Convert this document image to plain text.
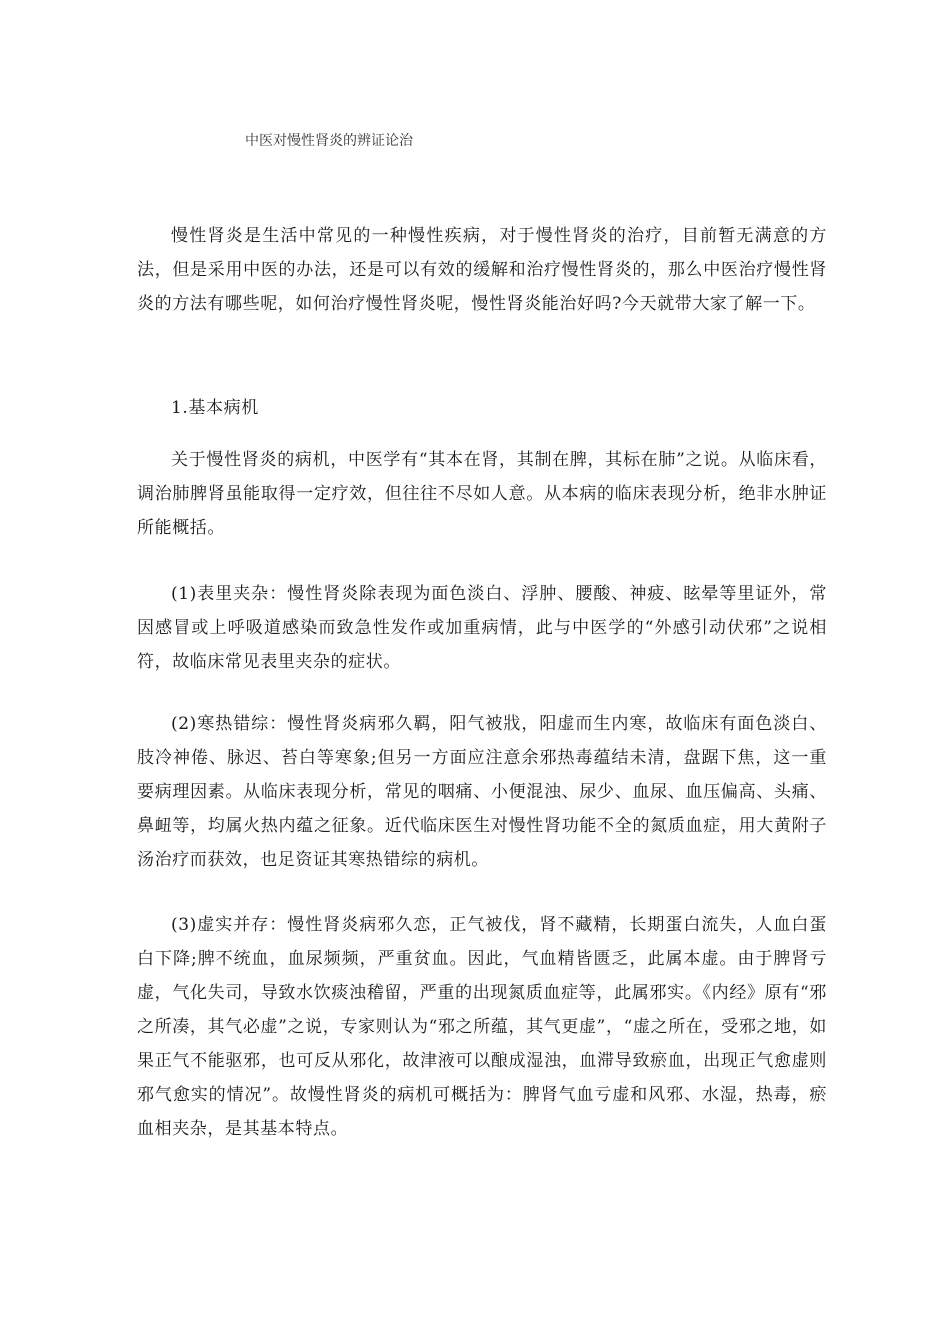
中医对慢性肾炎的辨证论治

慢性肾炎是生活中常见的一种慢性疾病，对于慢性肾炎的治疗，目前暂无满意的方法，但是采用中医的办法，还是可以有效的缓解和治疗慢性肾炎的，那么中医治疗慢性肾炎的方法有哪些呢，如何治疗慢性肾炎呢，慢性肾炎能治好吗?今天就带大家了解一下。

1.基本病机

关于慢性肾炎的病机，中医学有“其本在肾，其制在脾，其标在肺”之说。从临床看，调治肺脾肾虽能取得一定疗效，但往往不尽如人意。从本病的临床表现分析，绝非水肿证所能概括。

(1)表里夹杂：慢性肾炎除表现为面色淡白、浮肿、腰酸、神疲、眩晕等里证外，常因感冒或上呼吸道感染而致急性发作或加重病情，此与中医学的“外感引动伏邪”之说相符，故临床常见表里夹杂的症状。

(2)寒热错综：慢性肾炎病邪久羁，阳气被戕，阳虚而生内寒，故临床有面色淡白、肢冷神倦、脉迟、苔白等寒象;但另一方面应注意余邪热毒蕴结未清，盘踞下焦，这一重要病理因素。从临床表现分析，常见的咽痛、小便混浊、尿少、血尿、血压偏高、头痛、鼻衄等，均属火热内蕴之征象。近代临床医生对慢性肾功能不全的氮质血症，用大黄附子汤治疗而获效，也足资证其寒热错综的病机。

(3)虚实并存：慢性肾炎病邪久恋，正气被伐，肾不藏精，长期蛋白流失，人血白蛋白下降;脾不统血，血尿频频，严重贫血。因此，气血精皆匮乏，此属本虚。由于脾肾亏虚，气化失司，导致水饮痰浊稽留，严重的出现氮质血症等，此属邪实。《内经》原有“邪之所凑，其气必虚”之说，专家则认为“邪之所蕴，其气更虚”，“虚之所在，受邪之地，如果正气不能驱邪，也可反从邪化，故津液可以酿成湿浊，血滞导致瘀血，出现正气愈虚则邪气愈实的情况”。故慢性肾炎的病机可概括为：脾肾气血亏虚和风邪、水湿，热毒，瘀血相夹杂，是其基本特点。
